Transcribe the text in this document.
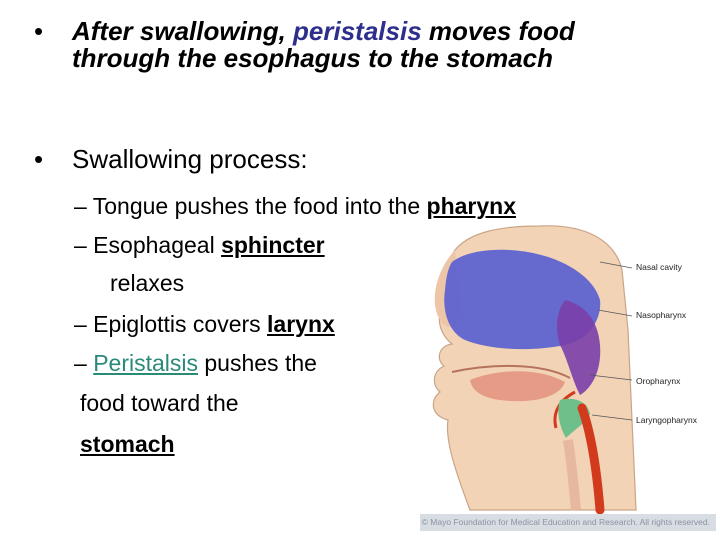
Nasal cavity
Nasopharynx
Oropharynx
Laryngopharynx
© Mayo Foundation for Medical Education and Research. All rights reserved.
• After swallowing, peristalsis moves food through the esophagus to the stomach
• Swallowing process:
– Tongue pushes the food into the pharynx
– Esophageal sphincter
relaxes
– Epiglottis covers larynx
– Peristalsis pushes the
food toward the
stomach
